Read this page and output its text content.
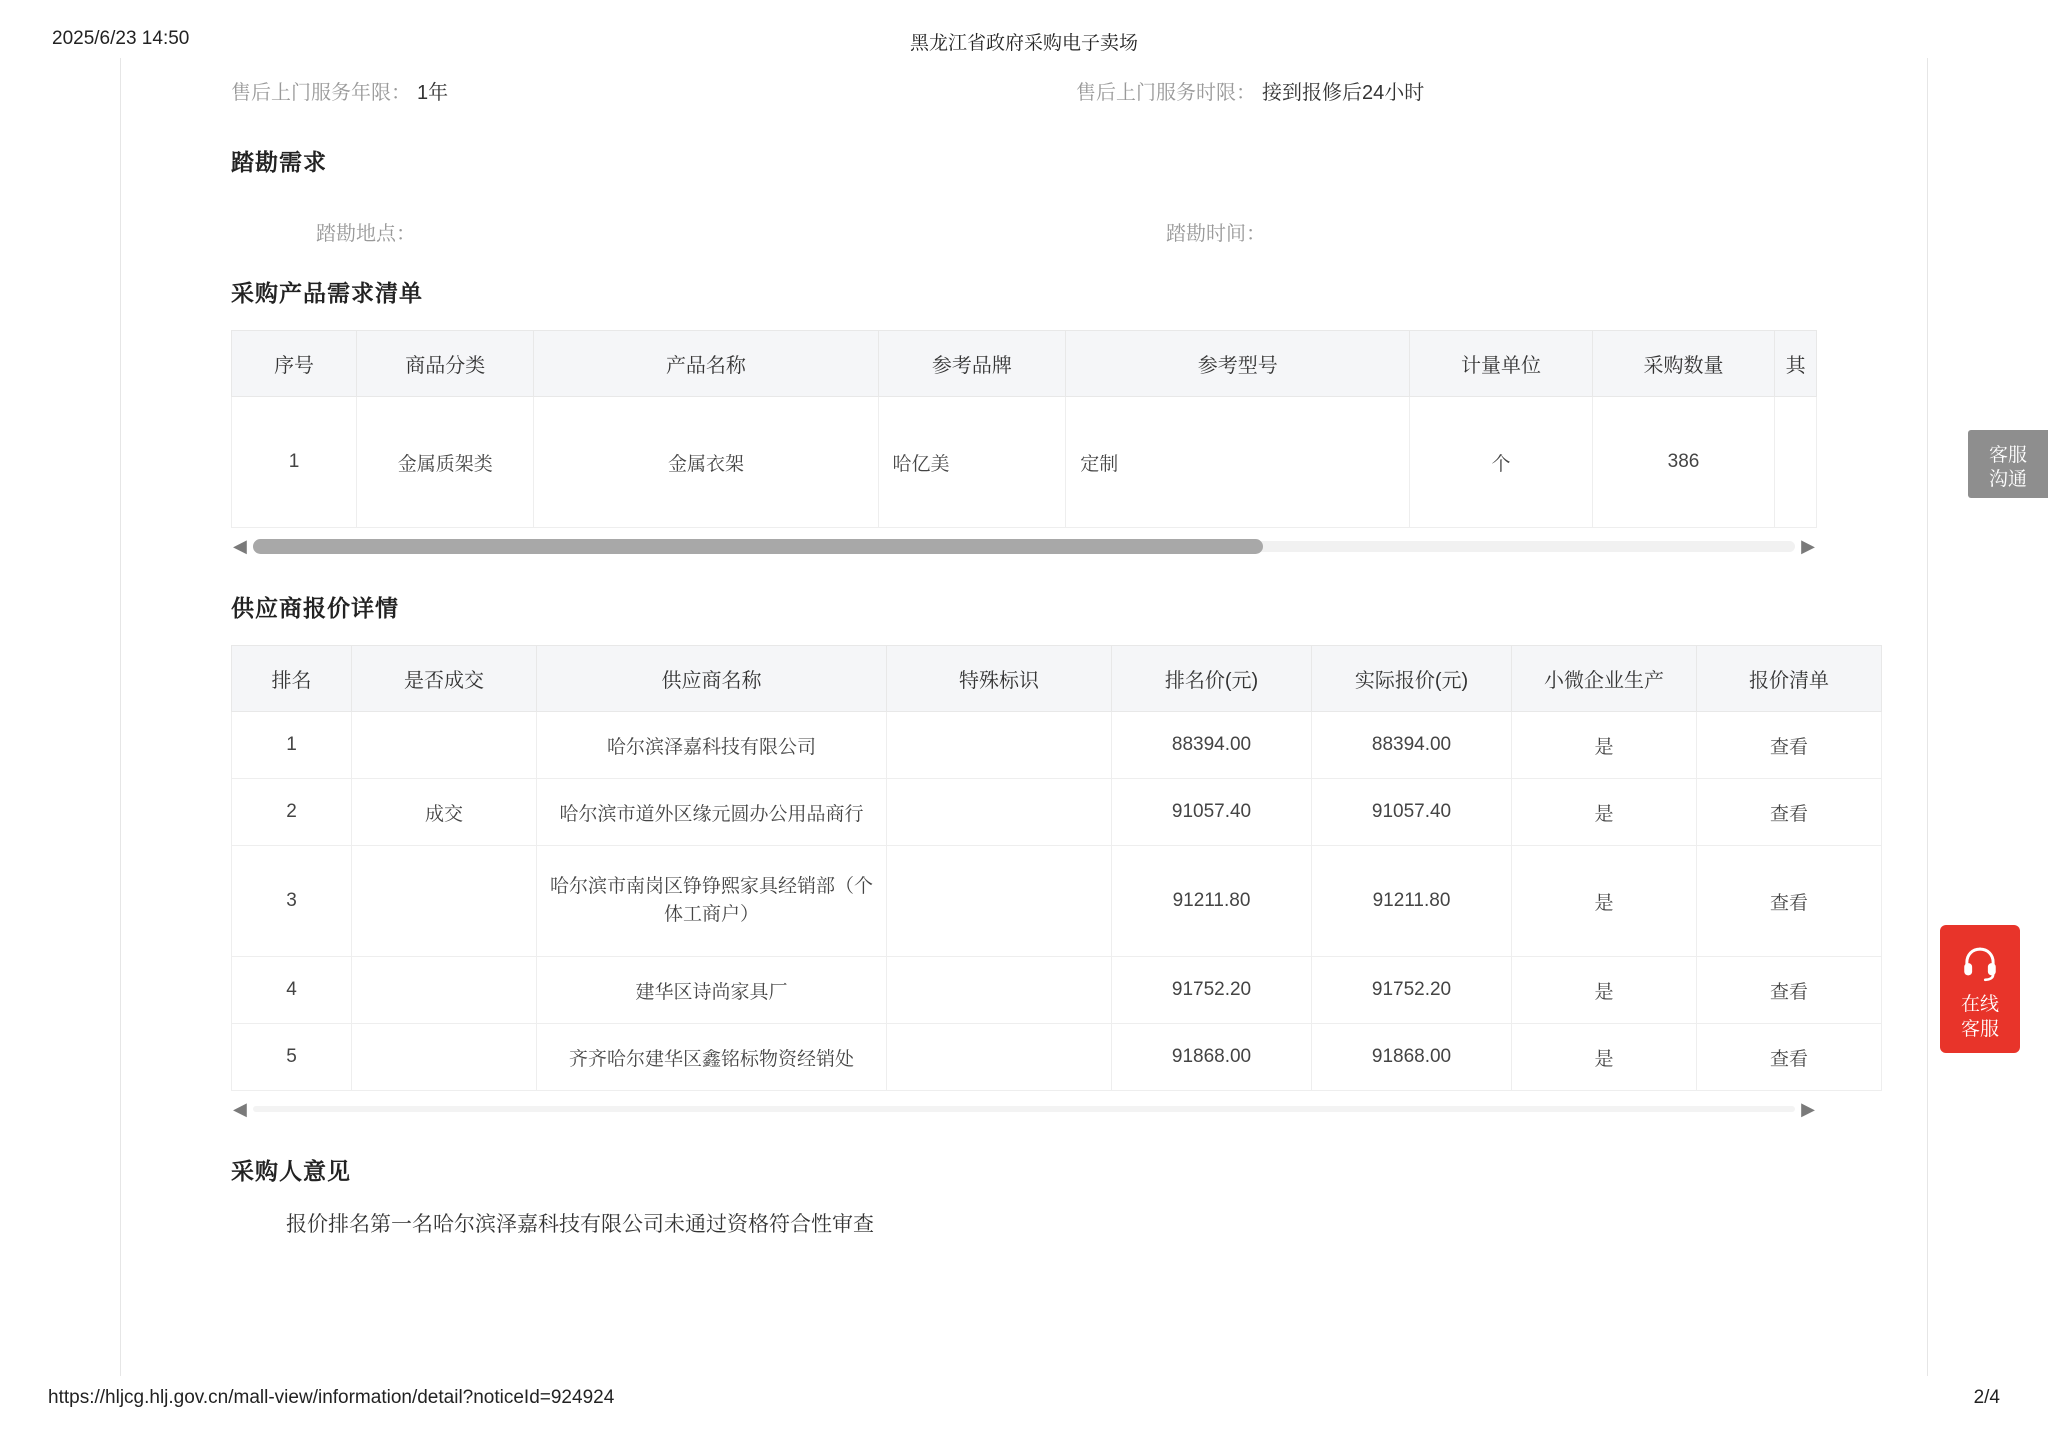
2025/6/23 14:50	黑龙江省政府采购电子卖场
售后上门服务年限： 1年	售后上门服务时限： 接到报修后24小时
踏勘需求
踏勘地点：	踏勘时间：
采购产品需求清单
序号	商品分类	产品名称	参考品牌	参考型号	计量单位	采购数量	其
1	金属质架类	金属衣架	哈亿美	定制	个	386	
◀	▶
供应商报价详情
排名	是否成交	供应商名称	特殊标识	排名价(元)	实际报价(元)	小微企业生产	报价清单
1		哈尔滨泽嘉科技有限公司		88394.00	88394.00	是	查看
2	成交	哈尔滨市道外区缘元圆办公用品商行		91057.40	91057.40	是	查看
3		哈尔滨市南岗区铮铮熙家具经销部（个体工商户）		91211.80	91211.80	是	查看
4		建华区诗尚家具厂		91752.20	91752.20	是	查看
5		齐齐哈尔建华区鑫铭标物资经销处		91868.00	91868.00	是	查看
◀	▶
采购人意见
报价排名第一名哈尔滨泽嘉科技有限公司未通过资格符合性审查
客服
沟通
在线
客服
https://hljcg.hlj.gov.cn/mall-view/information/detail?noticeId=924924	2/4
